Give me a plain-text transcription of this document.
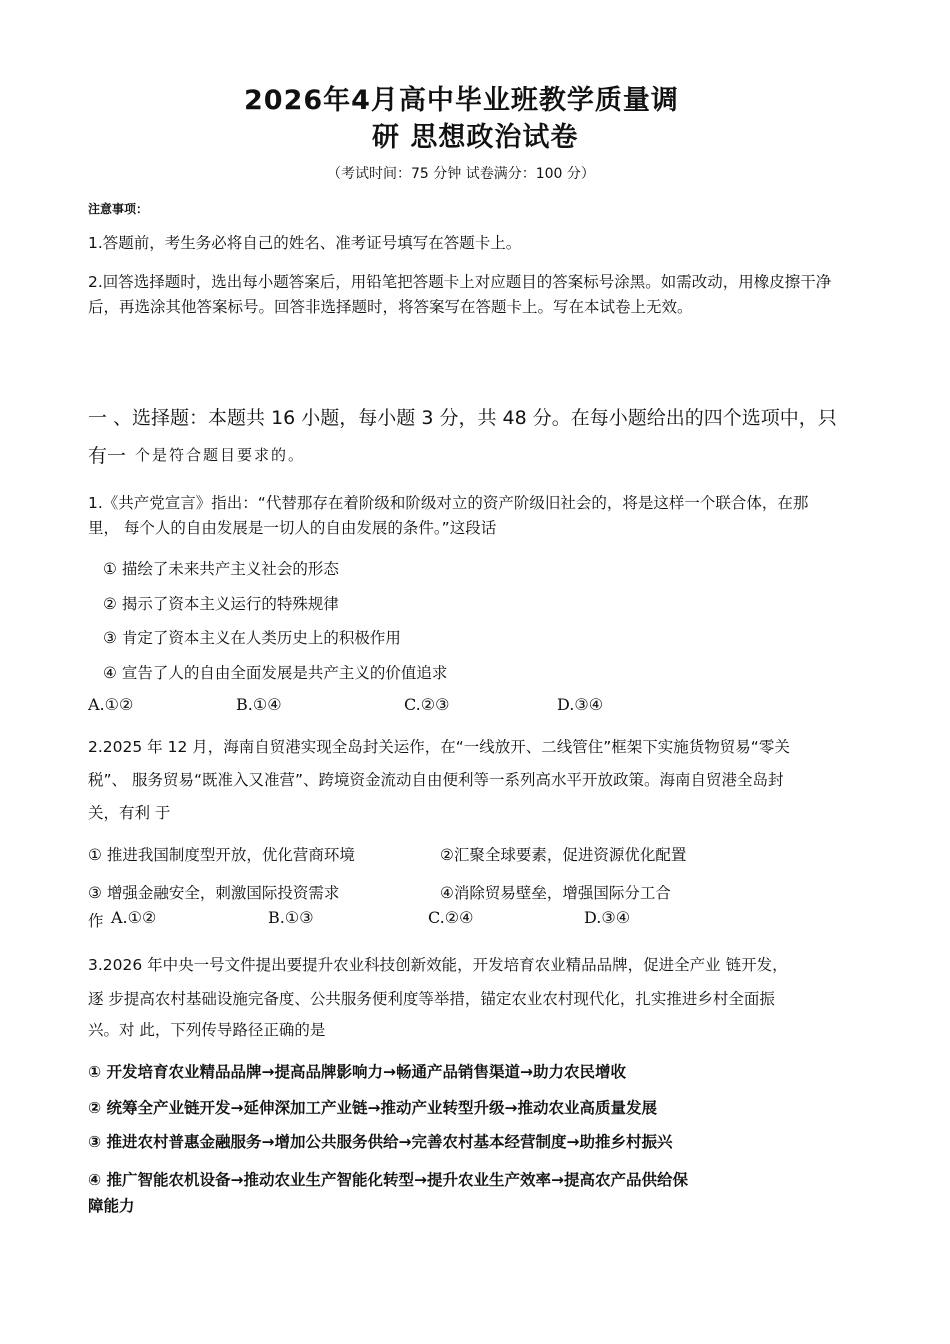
2026年4月高中毕业班教学质量调
研 思想政治试卷
（考试时间：75 分钟 试卷满分：100 分）
注意事项：
1.答题前，考生务必将自己的姓名、准考证号填写在答题卡上。
2.回答选择题时，选出每小题答案后，用铅笔把答题卡上对应题目的答案标号涂黑。如需改动，用橡皮擦干净
后，再选涂其他答案标号。回答非选择题时，将答案写在答题卡上。写在本试卷上无效。
一 、选择题：本题共 16 小题，每小题 3 分，共 48 分。在每小题给出的四个选项中，只
有一 个是符合题目要求的。
1.《共产党宣言》指出：“代替那存在着阶级和阶级对立的资产阶级旧社会的，将是这样一个联合体，在那
里， 每个人的自由发展是一切人的自由发展的条件。”这段话
① 描绘了未来共产主义社会的形态
② 揭示了资本主义运行的特殊规律
③ 肯定了资本主义在人类历史上的积极作用
④ 宣告了人的自由全面发展是共产主义的价值追求
A.①②	B.①④	C.②③	D.③④
2.2025 年 12 月，海南自贸港实现全岛封关运作，在“一线放开、二线管住”框架下实施货物贸易“零关
税”、 服务贸易“既准入又准营”、跨境资金流动自由便利等一系列高水平开放政策。海南自贸港全岛封
关，有利 于
① 推进我国制度型开放，优化营商环境	②汇聚全球要素，促进资源优化配置
③ 增强金融安全，刺激国际投资需求	④消除贸易壁垒，增强国际分工合
作 A.①②	B.①③	C.②④	D.③④
3.2026 年中央一号文件提出要提升农业科技创新效能，开发培育农业精品品牌，促进全产业 链开发，
逐 步提高农村基础设施完备度、公共服务便利度等举措，锚定农业农村现代化，扎实推进乡村全面振
兴。对 此，下列传导路径正确的是
① 开发培育农业精品品牌→提高品牌影响力→畅通产品销售渠道→助力农民增收
② 统筹全产业链开发→延伸深加工产业链→推动产业转型升级→推动农业高质量发展
③ 推进农村普惠金融服务→增加公共服务供给→完善农村基本经营制度→助推乡村振兴
④ 推广智能农机设备→推动农业生产智能化转型→提升农业生产效率→提高农产品供给保
障能力
